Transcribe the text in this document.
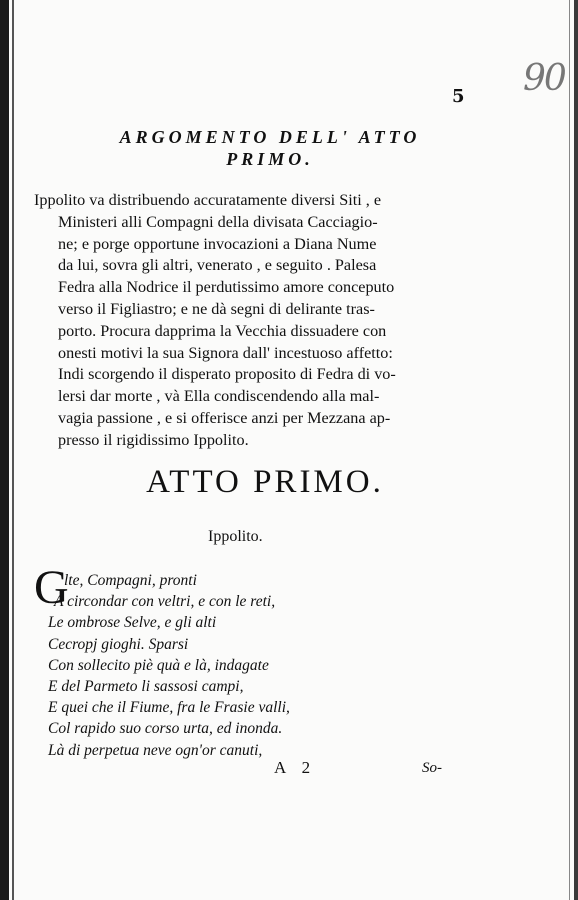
90
5
ARGOMENTO DELL' ATTO
PRIMO.
Ippolito va distribuendo accuratamente diversi Siti , e
Ministeri alli Compagni della divisata Cacciagio-
ne; e porge opportune invocazioni a Diana Nume
da lui, sovra gli altri, venerato , e seguito . Palesa
Fedra alla Nodrice il perdutissimo amore conceputo
verso il Figliastro; e ne dà segni di delirante tras-
porto. Procura dapprima la Vecchia dissuadere con
onesti motivi la sua Signora dall' incestuoso affetto:
Indi scorgendo il disperato proposito di Fedra di vo-
lersi dar morte , và Ella condiscendendo alla mal-
vagia passione , e si offerisce anzi per Mezzana ap-
presso il rigidissimo Ippolito.
ATTO PRIMO.
Ippolito.
G
lte, Compagni, pronti
A circondar con veltri, e con le reti,
Le ombrose Selve, e gli alti
Cecropj gioghi. Sparsi
Con sollecito piè quà e là, indagate
E del Parmeto li sassosi campi,
E quei che il Fiume, fra le Frasie valli,
Col rapido suo corso urta, ed inonda.
Là di perpetua neve ogn'or canuti,
A 2	So-
